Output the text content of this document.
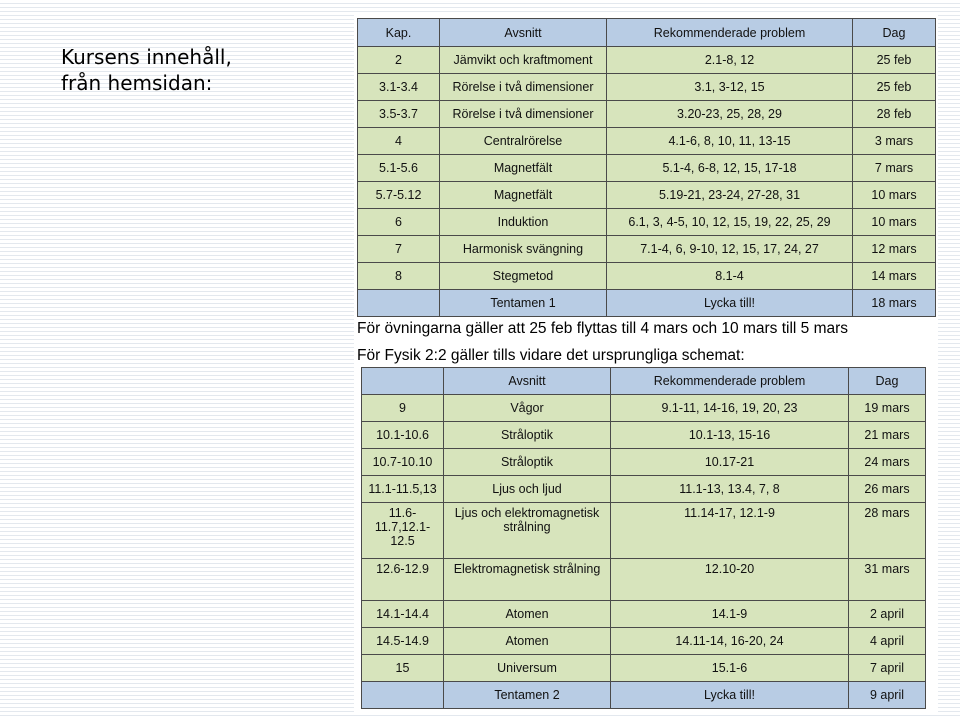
Kursens innehåll,
från hemsidan:
Kap.	Avsnitt	Rekommenderade problem	Dag
2	Jämvikt och kraftmoment	2.1-8, 12	25 feb
3.1-3.4	Rörelse i två dimensioner	3.1, 3-12, 15	25 feb
3.5-3.7	Rörelse i två dimensioner	3.20-23, 25, 28, 29	28 feb
4	Centralrörelse	4.1-6, 8, 10, 11, 13-15	3 mars
5.1-5.6	Magnetfält	5.1-4, 6-8, 12, 15, 17-18	7 mars
5.7-5.12	Magnetfält	5.19-21, 23-24, 27-28, 31	10 mars
6	Induktion	6.1, 3, 4-5, 10, 12, 15, 19, 22, 25, 29	10 mars
7	Harmonisk svängning	7.1-4, 6, 9-10, 12, 15, 17, 24, 27	12 mars
8	Stegmetod	8.1-4	14 mars
	Tentamen 1	Lycka till!	18 mars
För övningarna gäller att 25 feb flyttas till 4 mars och 10 mars till 5 mars
För Fysik 2:2 gäller tills vidare det ursprungliga schemat:
	Avsnitt	Rekommenderade problem	Dag
9	Vågor	9.1-11, 14-16, 19, 20, 23	19 mars
10.1-10.6	Stråloptik	10.1-13, 15-16	21 mars
10.7-10.10	Stråloptik	10.17-21	24 mars
11.1-11.5,13	Ljus och ljud	11.1-13, 13.4, 7, 8	26 mars
11.6-11.7,12.1-12.5	Ljus och elektromagnetisk strålning	11.14-17, 12.1-9	28 mars
12.6-12.9	Elektromagnetisk strålning	12.10-20	31 mars
14.1-14.4	Atomen	14.1-9	2 april
14.5-14.9	Atomen	14.11-14, 16-20, 24	4 april
15	Universum	15.1-6	7 april
	Tentamen 2	Lycka till!	9 april
